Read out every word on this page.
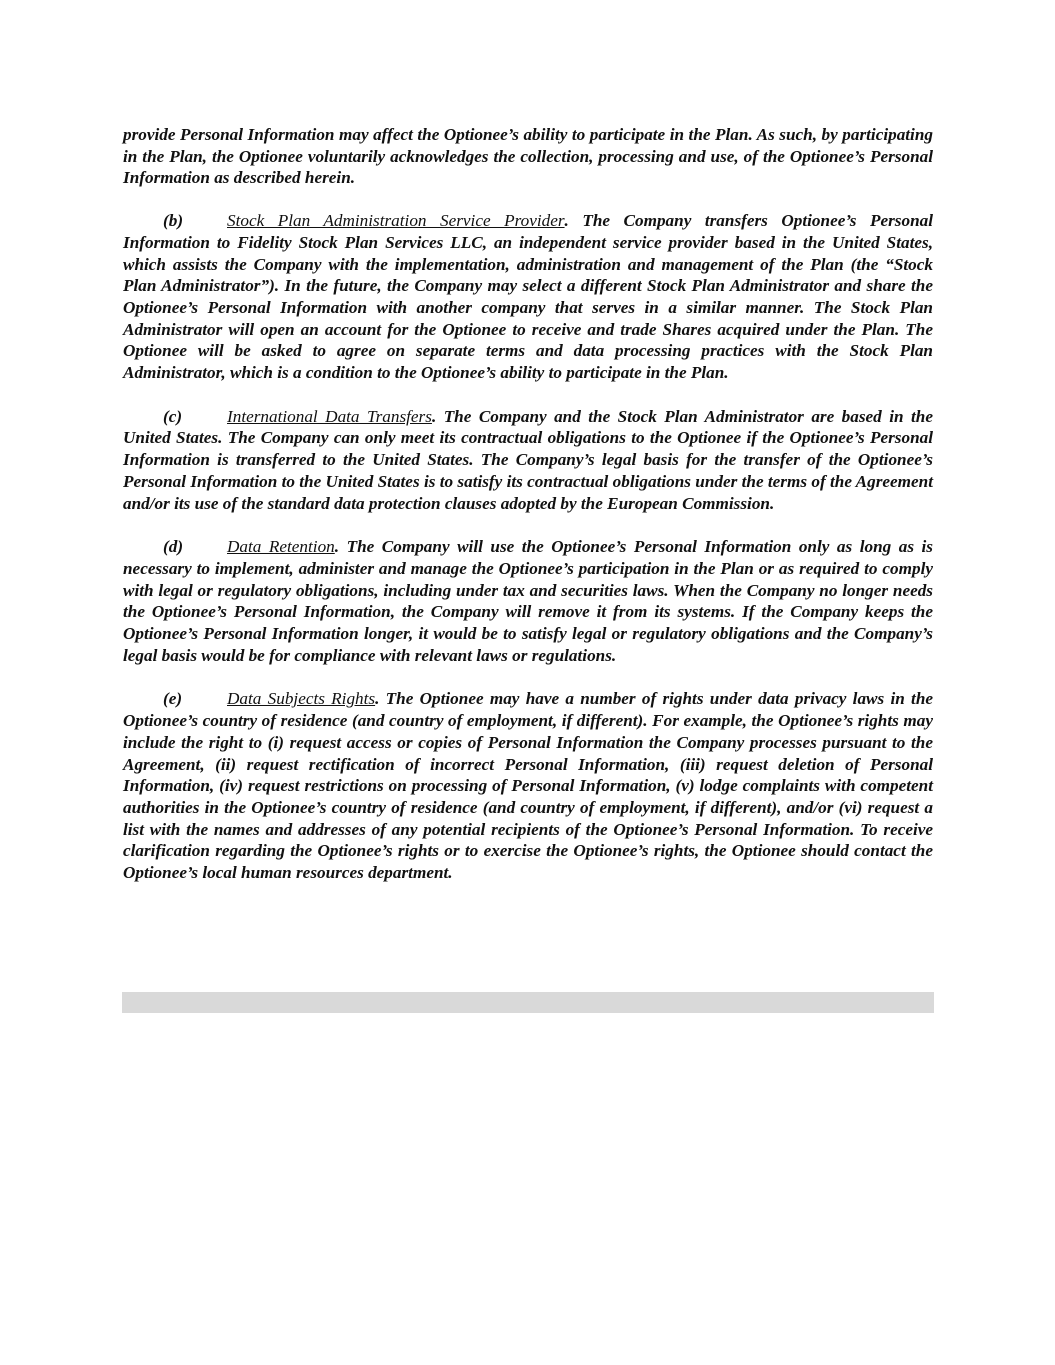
provide Personal Information may affect the Optionee’s ability to participate in the Plan. As such, by participating in the Plan, the Optionee voluntarily acknowledges the collection, processing and use, of the Optionee’s Personal Information as described herein.

(b)	Stock Plan Administration Service Provider. The Company transfers Optionee’s Personal Information to Fidelity Stock Plan Services LLC, an independent service provider based in the United States, which assists the Company with the implementation, administration and management of the Plan (the “Stock Plan Administrator”). In the future, the Company may select a different Stock Plan Administrator and share the Optionee’s Personal Information with another company that serves in a similar manner. The Stock Plan Administrator will open an account for the Optionee to receive and trade Shares acquired under the Plan. The Optionee will be asked to agree on separate terms and data processing practices with the Stock Plan Administrator, which is a condition to the Optionee’s ability to participate in the Plan.

(c)	International Data Transfers. The Company and the Stock Plan Administrator are based in the United States. The Company can only meet its contractual obligations to the Optionee if the Optionee’s Personal Information is transferred to the United States. The Company’s legal basis for the transfer of the Optionee’s Personal Information to the United States is to satisfy its contractual obligations under the terms of the Agreement and/or its use of the standard data protection clauses adopted by the European Commission.

(d)	Data Retention. The Company will use the Optionee’s Personal Information only as long as is necessary to implement, administer and manage the Optionee’s participation in the Plan or as required to comply with legal or regulatory obligations, including under tax and securities laws. When the Company no longer needs the Optionee’s Personal Information, the Company will remove it from its systems. If the Company keeps the Optionee’s Personal Information longer, it would be to satisfy legal or regulatory obligations and the Company’s legal basis would be for compliance with relevant laws or regulations.

(e)	Data Subjects Rights. The Optionee may have a number of rights under data privacy laws in the Optionee’s country of residence (and country of employment, if different). For example, the Optionee’s rights may include the right to (i) request access or copies of Personal Information the Company processes pursuant to the Agreement, (ii) request rectification of incorrect Personal Information, (iii) request deletion of Personal Information, (iv) request restrictions on processing of Personal Information, (v) lodge complaints with competent authorities in the Optionee’s country of residence (and country of employment, if different), and/or (vi) request a list with the names and addresses of any potential recipients of the Optionee’s Personal Information. To receive clarification regarding the Optionee’s rights or to exercise the Optionee’s rights, the Optionee should contact the Optionee’s local human resources department.
